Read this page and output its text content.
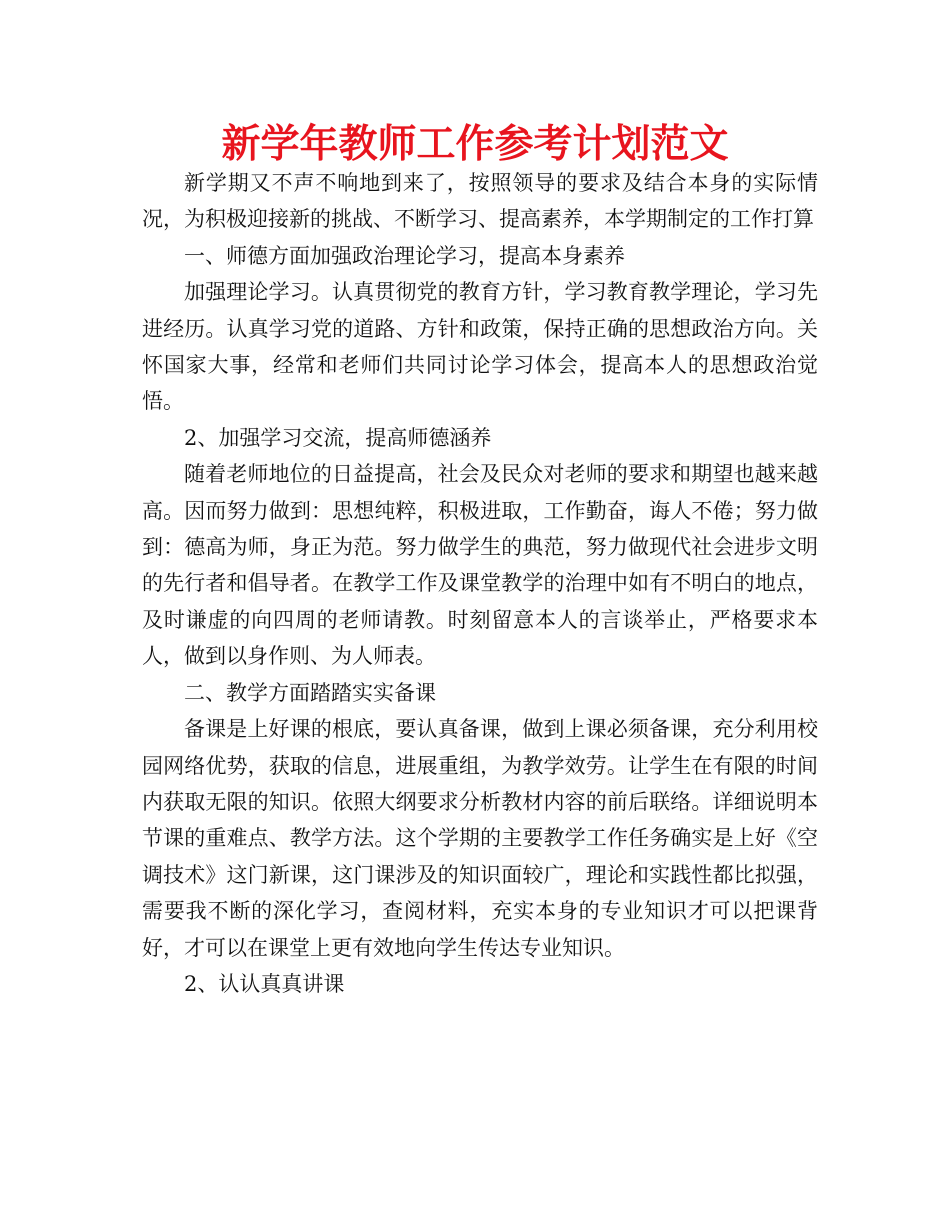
新学年教师工作参考计划范文

新学期又不声不响地到来了，按照领导的要求及结合本身的实际情况，为积极迎接新的挑战、不断学习、提高素养，本学期制定的工作打算

一、师德方面加强政治理论学习，提高本身素养

加强理论学习。认真贯彻党的教育方针，学习教育教学理论，学习先进经历。认真学习党的道路、方针和政策，保持正确的思想政治方向。关怀国家大事，经常和老师们共同讨论学习体会，提高本人的思想政治觉悟。

2、加强学习交流，提高师德涵养

随着老师地位的日益提高，社会及民众对老师的要求和期望也越来越高。因而努力做到：思想纯粹，积极进取，工作勤奋，诲人不倦；努力做到：德高为师，身正为范。努力做学生的典范，努力做现代社会进步文明的先行者和倡导者。在教学工作及课堂教学的治理中如有不明白的地点，及时谦虚的向四周的老师请教。时刻留意本人的言谈举止，严格要求本人，做到以身作则、为人师表。

二、教学方面踏踏实实备课

备课是上好课的根底，要认真备课，做到上课必须备课，充分利用校园网络优势，获取的信息，进展重组，为教学效劳。让学生在有限的时间内获取无限的知识。依照大纲要求分析教材内容的前后联络。详细说明本节课的重难点、教学方法。这个学期的主要教学工作任务确实是上好《空调技术》这门新课，这门课涉及的知识面较广，理论和实践性都比拟强，需要我不断的深化学习，查阅材料，充实本身的专业知识才可以把课背好，才可以在课堂上更有效地向学生传达专业知识。

2、认认真真讲课
